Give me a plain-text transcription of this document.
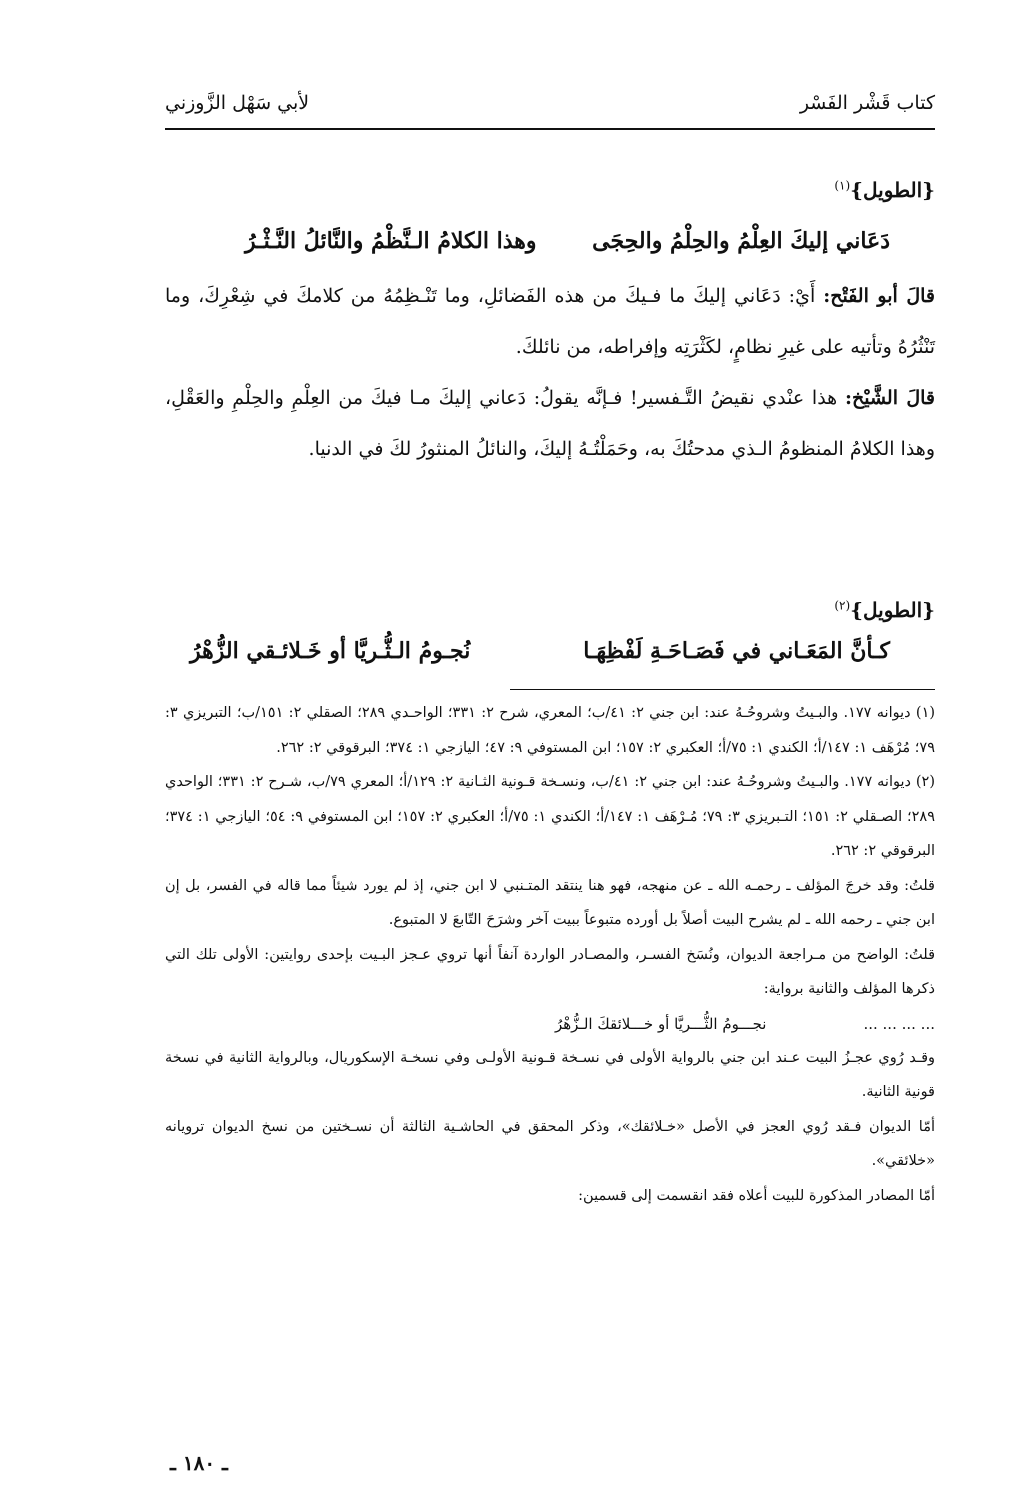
كتاب قَشْر الفَسْر
لأبي سَهْل الزَّوزني
{الطويل}$^{(١)}$
دَعَاني إليكَ العِلْمُ والحِلْمُ والحِجَى
وهذا الكلامُ الـنَّظْمُ والنَّائلُ النَّـثْـرُ
قالَ أبو الفَتْح: أَيْ: دَعَاني إليكَ ما فـيكَ من هذه الفَضائلِ، وما تَنْـظِمُهُ من كلامكَ في شِعْرِكَ، وما تَنْثُرُهُ وتأتيه على غيرِ نظامٍ، لكَثْرَتِه وإفراطه، من نائلكَ.
قالَ الشَّيْخ: هذا عنْدي نقيضُ التَّـفسير! فـإنَّه يقولُ: دَعاني إليكَ مـا فيكَ من العِلْمِ والحِلْمِ والعَقْلِ، وهذا الكلامُ المنظومُ الـذي مدحتُكَ به، وحَمَلْتُـهُ إليكَ، والنائلُ المنثورُ لكَ في الدنيا.
{الطويل}$^{(٢)}$
كـأنَّ المَعَـاني في فَصَـاحَـةِ لَفْظِهَـا
نُجـومُ الـثُّـريَّا أو خَـلائـقي الزُّهْرُ
(١) ديوانه ١٧٧. والبـيتُ وشروحُـهُ عند: ابن جني ٢: ٤١/ب؛ المعري، شرح ٢: ٣٣١؛ الواحـدي ٢٨٩؛ الصقلي ٢: ١٥١/ب؛ التبريزي ٣: ٧٩؛ مُرْهَف ١: ١٤٧/أ؛ الكندي ١: ٧٥/أ؛ العكبري ٢: ١٥٧؛ ابن المستوفي ٩: ٤٧؛ اليازجي ١: ٣٧٤؛ البرقوقي ٢: ٢٦٢.

(٢) ديوانه ١٧٧. والبـيتُ وشروحُـهُ عند: ابن جني ٢: ٤١/ب، ونسـخة قـونية الثـانية ٢: ١٢٩/أ؛ المعري ٧٩/ب، شـرح ٢: ٣٣١؛ الواحدي ٢٨٩؛ الصـقلي ٢: ١٥١؛ التـبريزي ٣: ٧٩؛ مُـرْهَف ١: ١٤٧/أ؛ الكندي ١: ٧٥/أ؛ العكبري ٢: ١٥٧؛ ابن المستوفي ٩: ٥٤؛ اليازجي ١: ٣٧٤؛ البرقوقي ٢: ٢٦٢.

قلتُ: وقد خرجَ المؤلف ـ رحمـه الله ـ عن منهجه، فهو هنا ينتقد المتـنبي لا ابن جني، إذ لم يورد شيئاً مما قاله في الفسر، بل إن ابن جني ـ رحمه الله ـ لم يشرح البيت أصلاً بل أورده متبوعاً ببيت آخر وشرَحَ التّابعَ لا المتبوع.

قلتُ: الواضح من مـراجعة الديوان، ونُسَخ الفسـر، والمصـادر الواردة آنفاً أنها تروي عـجز البـيت بإحدى روايتين: الأولى تلك التي ذكرها المؤلف والثانية برواية:

نجـــومُ الثُّـــريَّا أو خـــلائقكَ الـزُّهْرُ	... ... ... ...

وقـد رُوي عجـزُ البيت عـند ابن جني بالرواية الأولى في نسـخة قـونية الأولـى وفي نسخـة الإسكوريال، وبالرواية الثانية في نسخة قونية الثانية.

أمّا الديوان فـقد رُوي العجز في الأصل «خـلائقك»، وذكر المحقق في الحاشـية الثالثة أن نسـختين من نسخ الديوان ترويانه «خلائقي».

أمّا المصادر المذكورة للبيت أعلاه فقد انقسمت إلى قسمين:

ـ ١٨٠ ـ
